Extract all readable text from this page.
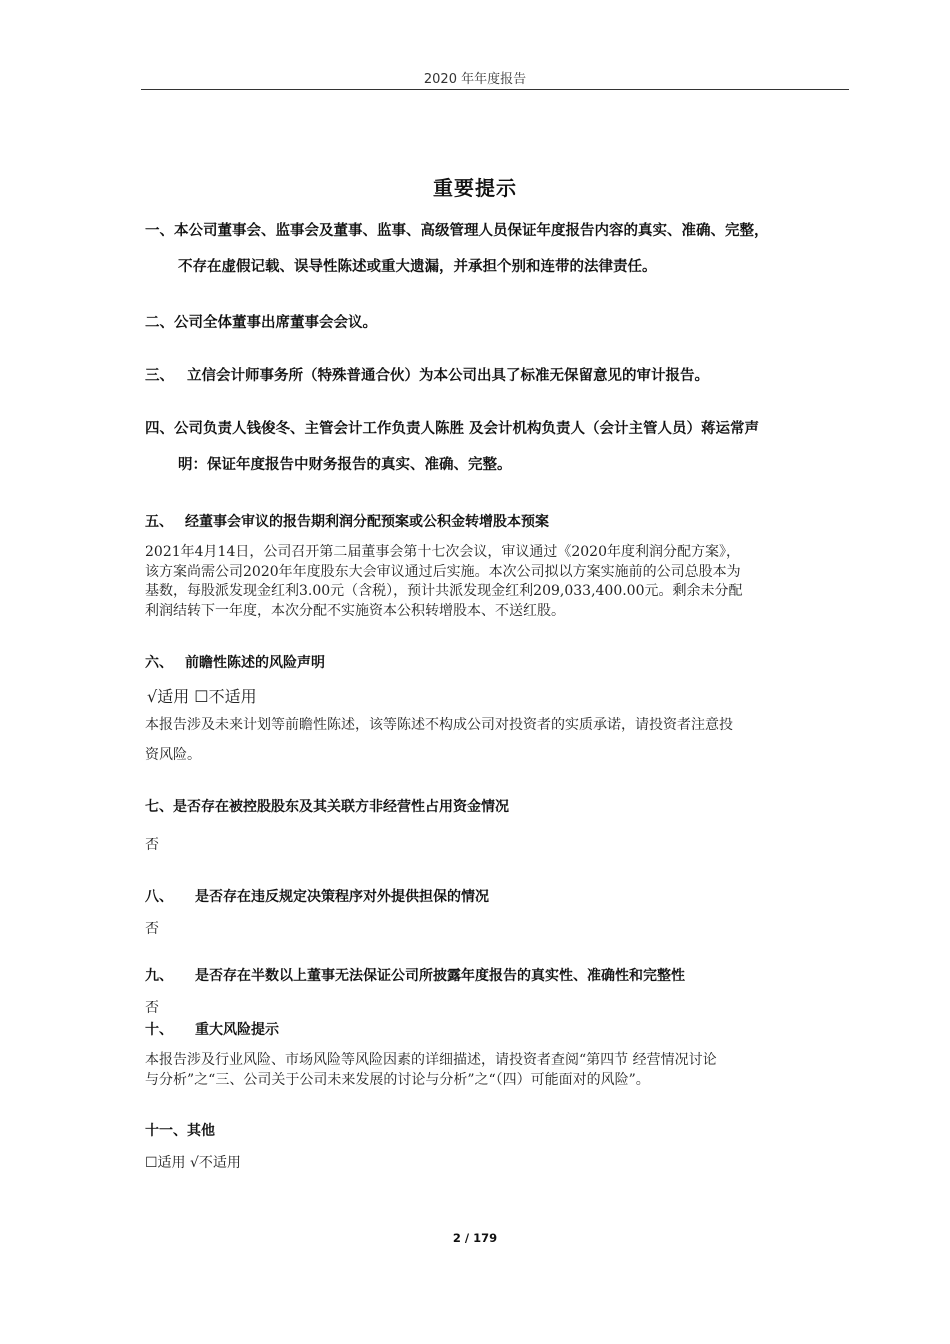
2020 年年度报告
重要提示
一、本公司董事会、监事会及董事、监事、高级管理人员保证年度报告内容的真实、准确、完整，
不存在虚假记载、误导性陈述或重大遗漏，并承担个别和连带的法律责任。
二、公司全体董事出席董事会会议。
三、 立信会计师事务所（特殊普通合伙）为本公司出具了标准无保留意见的审计报告。
四、公司负责人钱俊冬、主管会计工作负责人陈胜 及会计机构负责人（会计主管人员）蒋运常声
明：保证年度报告中财务报告的真实、准确、完整。
五、 经董事会审议的报告期利润分配预案或公积金转增股本预案
2021年4月14日，公司召开第二届董事会第十七次会议，审议通过《2020年度利润分配方案》，
该方案尚需公司2020年年度股东大会审议通过后实施。本次公司拟以方案实施前的公司总股本为
基数，每股派发现金红利3.00元（含税），预计共派发现金红利209,033,400.00元。剩余未分配
利润结转下一年度，本次分配不实施资本公积转增股本、不送红股。
六、 前瞻性陈述的风险声明
√适用 ☐不适用
本报告涉及未来计划等前瞻性陈述，该等陈述不构成公司对投资者的实质承诺，请投资者注意投
资风险。
七、是否存在被控股股东及其关联方非经营性占用资金情况
否
八、 是否存在违反规定决策程序对外提供担保的情况
否
九、 是否存在半数以上董事无法保证公司所披露年度报告的真实性、准确性和完整性
否
十、 重大风险提示
本报告涉及行业风险、市场风险等风险因素的详细描述，请投资者查阅“第四节 经营情况讨论
与分析”之“三、公司关于公司未来发展的讨论与分析”之“（四）可能面对的风险”。
十一、其他
☐适用 √不适用
2 / 179
